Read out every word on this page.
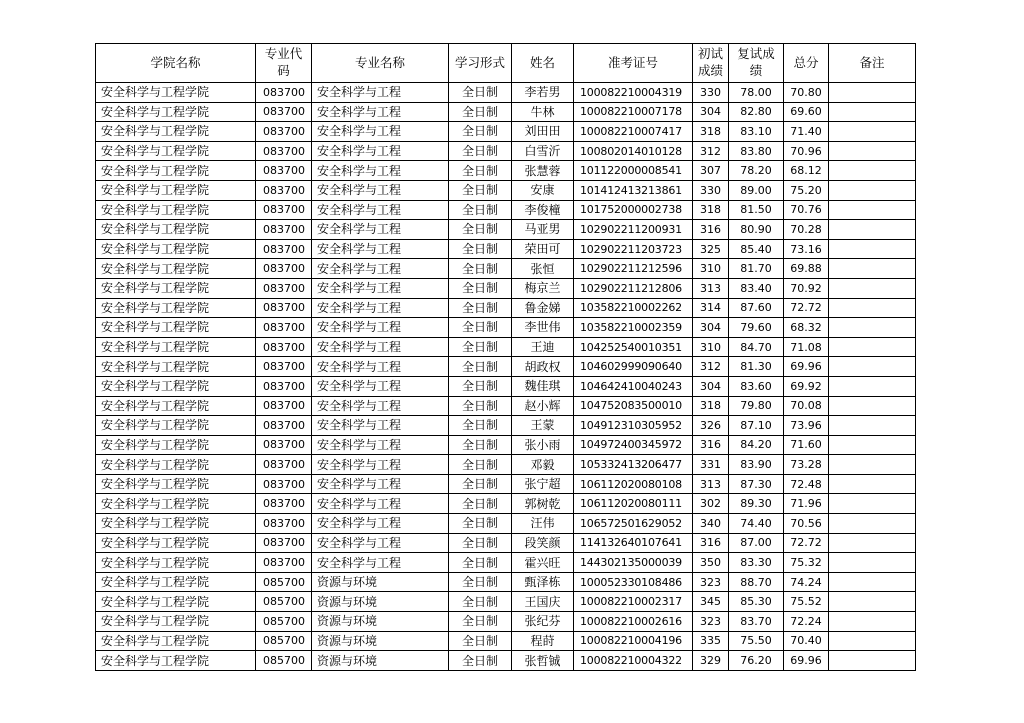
学院名称	专业代码	专业名称	学习形式	姓名	准考证号	初试成绩	复试成绩	总分	备注
安全科学与工程学院	083700	安全科学与工程	全日制	李若男	100082210004319	330	78.00	70.80	
安全科学与工程学院	083700	安全科学与工程	全日制	牛林	100082210007178	304	82.80	69.60	
安全科学与工程学院	083700	安全科学与工程	全日制	刘田田	100082210007417	318	83.10	71.40	
安全科学与工程学院	083700	安全科学与工程	全日制	白雪沂	100802014010128	312	83.80	70.96	
安全科学与工程学院	083700	安全科学与工程	全日制	张慧蓉	101122000008541	307	78.20	68.12	
安全科学与工程学院	083700	安全科学与工程	全日制	安康	101412413213861	330	89.00	75.20	
安全科学与工程学院	083700	安全科学与工程	全日制	李俊橦	101752000002738	318	81.50	70.76	
安全科学与工程学院	083700	安全科学与工程	全日制	马亚男	102902211200931	316	80.90	70.28	
安全科学与工程学院	083700	安全科学与工程	全日制	荣田可	102902211203723	325	85.40	73.16	
安全科学与工程学院	083700	安全科学与工程	全日制	张恒	102902211212596	310	81.70	69.88	
安全科学与工程学院	083700	安全科学与工程	全日制	梅京兰	102902211212806	313	83.40	70.92	
安全科学与工程学院	083700	安全科学与工程	全日制	鲁金娣	103582210002262	314	87.60	72.72	
安全科学与工程学院	083700	安全科学与工程	全日制	李世伟	103582210002359	304	79.60	68.32	
安全科学与工程学院	083700	安全科学与工程	全日制	王迪	104252540010351	310	84.70	71.08	
安全科学与工程学院	083700	安全科学与工程	全日制	胡政权	104602999090640	312	81.30	69.96	
安全科学与工程学院	083700	安全科学与工程	全日制	魏佳琪	104642410040243	304	83.60	69.92	
安全科学与工程学院	083700	安全科学与工程	全日制	赵小辉	104752083500010	318	79.80	70.08	
安全科学与工程学院	083700	安全科学与工程	全日制	王蒙	104912310305952	326	87.10	73.96	
安全科学与工程学院	083700	安全科学与工程	全日制	张小雨	104972400345972	316	84.20	71.60	
安全科学与工程学院	083700	安全科学与工程	全日制	邓毅	105332413206477	331	83.90	73.28	
安全科学与工程学院	083700	安全科学与工程	全日制	张宁超	106112020080108	313	87.30	72.48	
安全科学与工程学院	083700	安全科学与工程	全日制	郭树乾	106112020080111	302	89.30	71.96	
安全科学与工程学院	083700	安全科学与工程	全日制	汪伟	106572501629052	340	74.40	70.56	
安全科学与工程学院	083700	安全科学与工程	全日制	段笑颜	114132640107641	316	87.00	72.72	
安全科学与工程学院	083700	安全科学与工程	全日制	霍兴旺	144302135000039	350	83.30	75.32	
安全科学与工程学院	085700	资源与环境	全日制	甄泽栋	100052330108486	323	88.70	74.24	
安全科学与工程学院	085700	资源与环境	全日制	王国庆	100082210002317	345	85.30	75.52	
安全科学与工程学院	085700	资源与环境	全日制	张纪芬	100082210002616	323	83.70	72.24	
安全科学与工程学院	085700	资源与环境	全日制	程莳	100082210004196	335	75.50	70.40	
安全科学与工程学院	085700	资源与环境	全日制	张哲铖	100082210004322	329	76.20	69.96	
